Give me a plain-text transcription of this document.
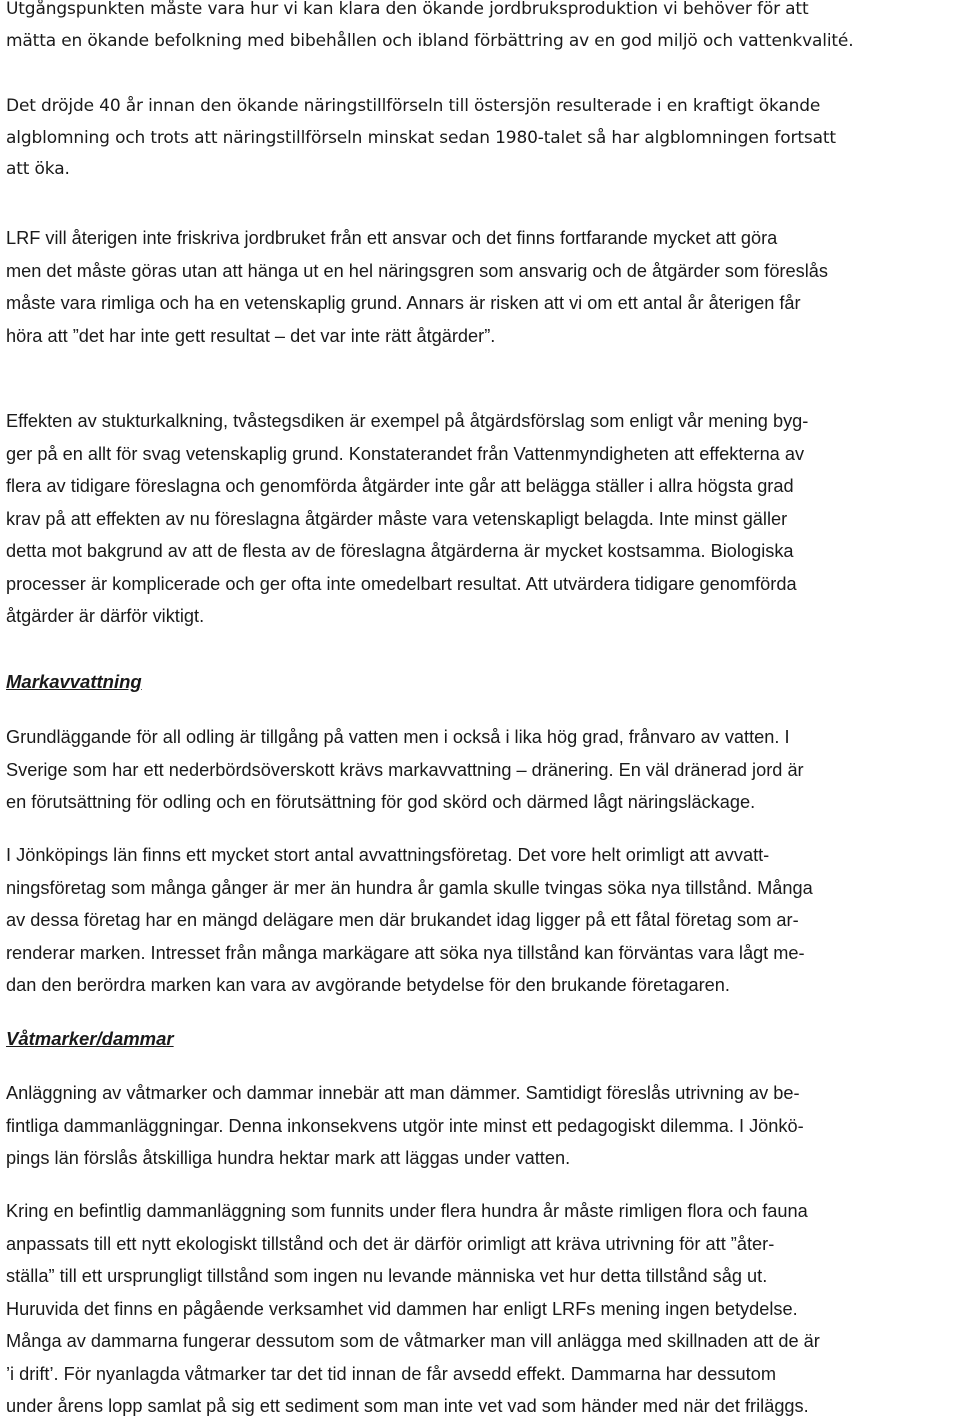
Utgångspunkten måste vara hur vi kan klara den ökande jordbruksproduktion vi behöver för att
mätta en ökande befolkning med bibehållen och ibland förbättring av en god miljö och vattenkvalité.

Det dröjde 40 år innan den ökande näringstillförseln till östersjön resulterade i en kraftigt ökande
algblomning och trots att näringstillförseln minskat sedan 1980-talet så har algblomningen fortsatt
att öka.

LRF vill återigen inte friskriva jordbruket från ett ansvar och det finns fortfarande mycket att göra
men det måste göras utan att hänga ut en hel näringsgren som ansvarig och de åtgärder som föreslås
måste vara rimliga och ha en vetenskaplig grund. Annars är risken att vi om ett antal år återigen får
höra att ”det har inte gett resultat – det var inte rätt åtgärder”.

Effekten av stukturkalkning, tvåstegsdiken är exempel på åtgärdsförslag som enligt vår mening byg-
ger på en allt för svag vetenskaplig grund. Konstaterandet från Vattenmyndigheten att effekterna av
flera av tidigare föreslagna och genomförda åtgärder inte går att belägga ställer i allra högsta grad
krav på att effekten av nu föreslagna åtgärder måste vara vetenskapligt belagda. Inte minst gäller
detta mot bakgrund av att de flesta av de föreslagna åtgärderna är mycket kostsamma. Biologiska
processer är komplicerade och ger ofta inte omedelbart resultat. Att utvärdera tidigare genomförda
åtgärder är därför viktigt.

Markavvattning

Grundläggande för all odling är tillgång på vatten men i också i lika hög grad, frånvaro av vatten. I
Sverige som har ett nederbördsöverskott krävs markavvattning – dränering. En väl dränerad jord är
en förutsättning för odling och en förutsättning för god skörd och därmed lågt näringsläckage.

I Jönköpings län finns ett mycket stort antal avvattningsföretag. Det vore helt orimligt att avvatt-
ningsföretag som många gånger är mer än hundra år gamla skulle tvingas söka nya tillstånd. Många
av dessa företag har en mängd delägare men där brukandet idag ligger på ett fåtal företag som ar-
renderar marken. Intresset från många markägare att söka nya tillstånd kan förväntas vara lågt me-
dan den berördra marken kan vara av avgörande betydelse för den brukande företagaren.

Våtmarker/dammar

Anläggning av våtmarker och dammar innebär att man dämmer. Samtidigt föreslås utrivning av be-
fintliga dammanläggningar. Denna inkonsekvens utgör inte minst ett pedagogiskt dilemma. I Jönkö-
pings län förslås åtskilliga hundra hektar mark att läggas under vatten.

Kring en befintlig dammanläggning som funnits under flera hundra år måste rimligen flora och fauna
anpassats till ett nytt ekologiskt tillstånd och det är därför orimligt att kräva utrivning för att ”åter-
ställa” till ett ursprungligt tillstånd som ingen nu levande människa vet hur detta tillstånd såg ut.
Huruvida det finns en pågående verksamhet vid dammen har enligt LRFs mening ingen betydelse.
Många av dammarna fungerar dessutom som de våtmarker man vill anlägga med skillnaden att de är
’i drift’. För nyanlagda våtmarker tar det tid innan de får avsedd effekt. Dammarna har dessutom
under årens lopp samlat på sig ett sediment som man inte vet vad som händer med när det friläggs.
